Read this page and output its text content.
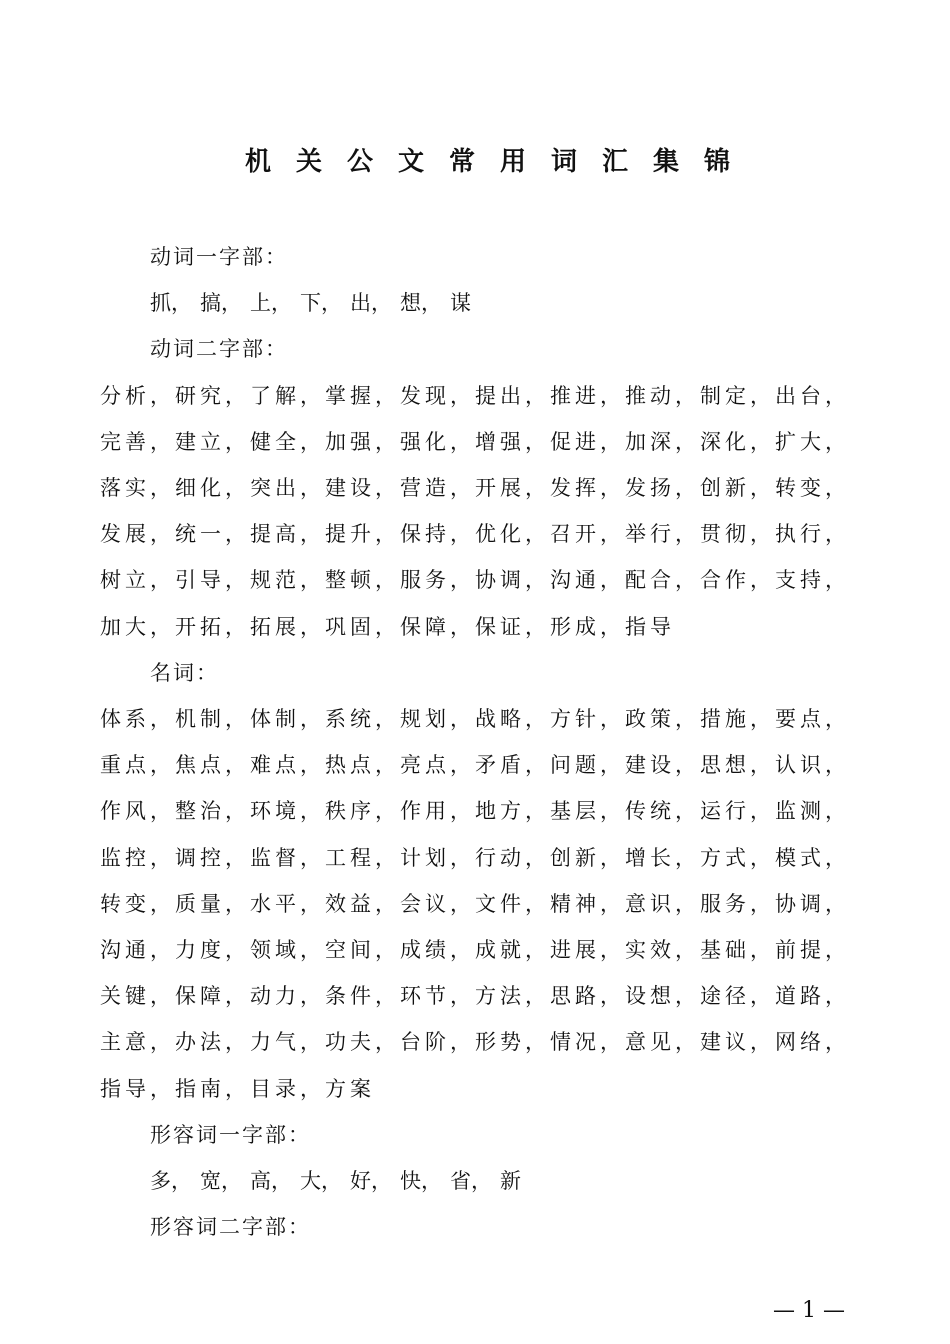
机关公文常用词汇集锦
动词一字部：
抓， 搞， 上， 下， 出， 想， 谋
动词二字部：
分析， 研究， 了解， 掌握， 发现， 提出， 推进， 推动， 制定， 出台，
完善， 建立， 健全， 加强， 强化， 增强， 促进， 加深， 深化， 扩大，
落实， 细化， 突出， 建设， 营造， 开展， 发挥， 发扬， 创新， 转变，
发展， 统一， 提高， 提升， 保持， 优化， 召开， 举行， 贯彻， 执行，
树立， 引导， 规范， 整顿， 服务， 协调， 沟通， 配合， 合作， 支持，
加大， 开拓， 拓展， 巩固， 保障， 保证， 形成， 指导
名词：
体系， 机制， 体制， 系统， 规划， 战略， 方针， 政策， 措施， 要点，
重点， 焦点， 难点， 热点， 亮点， 矛盾， 问题， 建设， 思想， 认识，
作风， 整治， 环境， 秩序， 作用， 地方， 基层， 传统， 运行， 监测，
监控， 调控， 监督， 工程， 计划， 行动， 创新， 增长， 方式， 模式，
转变， 质量， 水平， 效益， 会议， 文件， 精神， 意识， 服务， 协调，
沟通， 力度， 领域， 空间， 成绩， 成就， 进展， 实效， 基础， 前提，
关键， 保障， 动力， 条件， 环节， 方法， 思路， 设想， 途径， 道路，
主意， 办法， 力气， 功夫， 台阶， 形势， 情况， 意见， 建议， 网络，
指导， 指南， 目录， 方案
形容词一字部：
多， 宽， 高， 大， 好， 快， 省， 新
形容词二字部：
— 1 —
